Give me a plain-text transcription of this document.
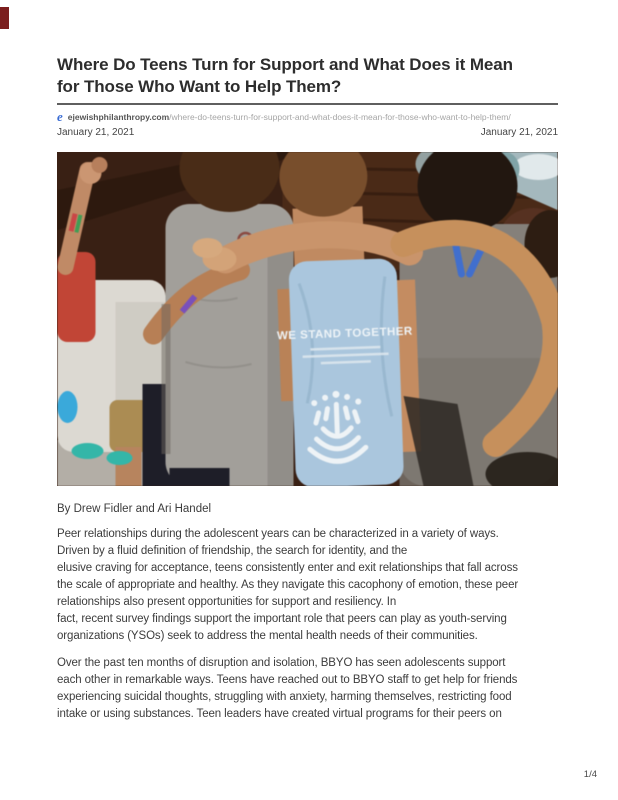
Where Do Teens Turn for Support and What Does it Mean
for Those Who Want to Help Them?
e ejewishphilanthropy.com/where-do-teens-turn-for-support-and-what-does-it-mean-for-those-who-want-to-help-them/
January 21, 2021	January 21, 2021
WE STAND TOGETHER

By Drew Fidler and Ari Handel

Peer relationships during the adolescent years can be characterized in a variety of ways.
Driven by a fluid definition of friendship, the search for identity, and the
elusive craving for acceptance, teens consistently enter and exit relationships that fall across
the scale of appropriate and healthy. As they navigate this cacophony of emotion, these peer
relationships also present opportunities for support and resiliency. In
fact, recent survey findings support the important role that peers can play as youth-serving
organizations (YSOs) seek to address the mental health needs of their communities.
Over the past ten months of disruption and isolation, BBYO has seen adolescents support
each other in remarkable ways. Teens have reached out to BBYO staff to get help for friends
experiencing suicidal thoughts, struggling with anxiety, harming themselves, restricting food
intake or using substances. Teen leaders have created virtual programs for their peers on
1/4
